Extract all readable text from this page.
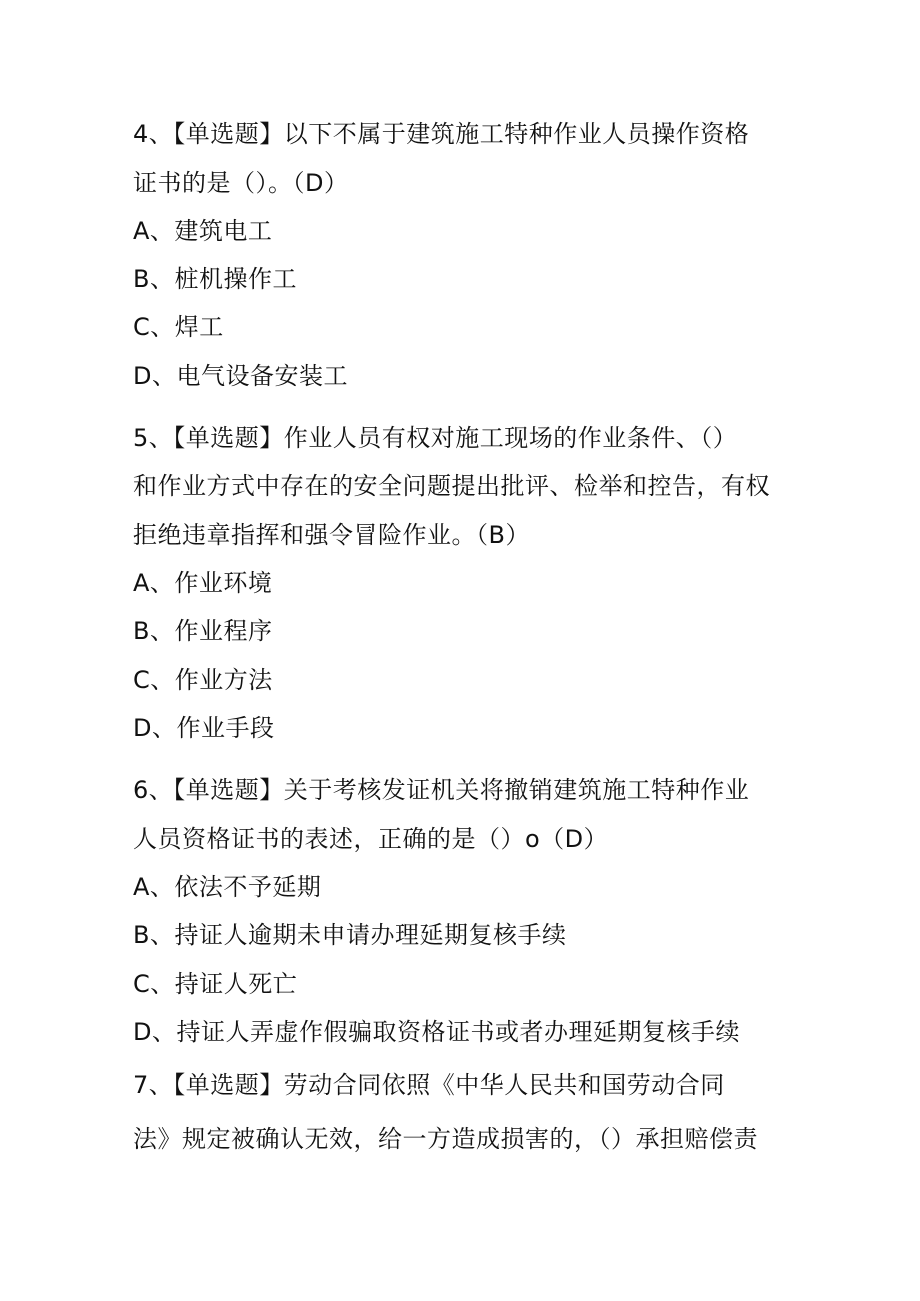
4、【单选题】以下不属于建筑施工特种作业人员操作资格
证书的是（）。（D）
A、建筑电工
B、桩机操作工
C、焊工
D、电气设备安装工
5、【单选题】作业人员有权对施工现场的作业条件、（）
和作业方式中存在的安全问题提出批评、检举和控告，有权
拒绝违章指挥和强令冒险作业。（B）
A、作业环境
B、作业程序
C、作业方法
D、作业手段
6、【单选题】关于考核发证机关将撤销建筑施工特种作业
人员资格证书的表述，正确的是（）o（D）
A、依法不予延期
B、持证人逾期未申请办理延期复核手续
C、持证人死亡
D、持证人弄虚作假骗取资格证书或者办理延期复核手续
7、【单选题】劳动合同依照《中华人民共和国劳动合同
法》规定被确认无效，给一方造成损害的，（）承担赔偿责
